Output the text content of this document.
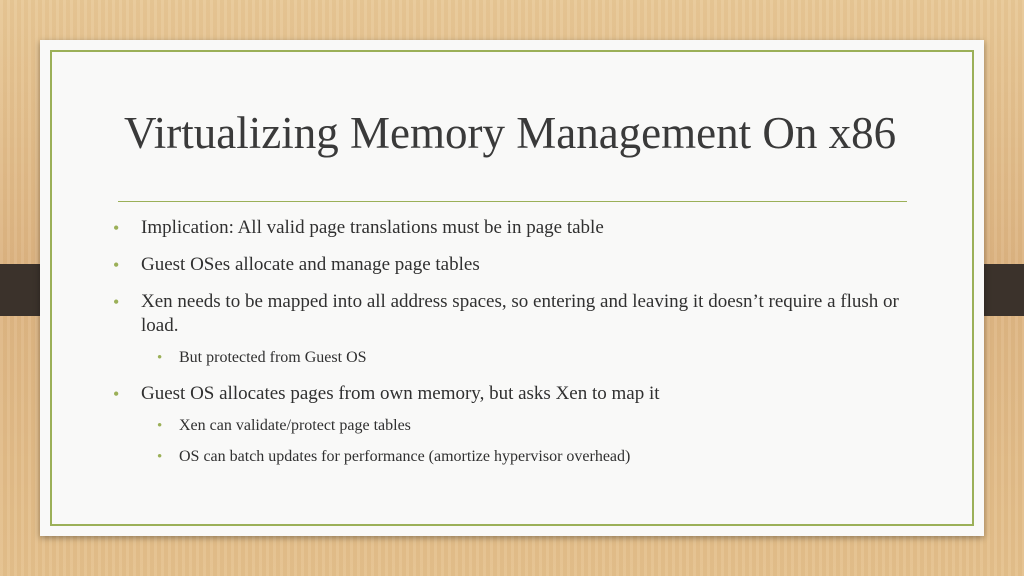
Virtualizing Memory Management On x86
• Implication: All valid page translations must be in page table
• Guest OSes allocate and manage page tables
• Xen needs to be mapped into all address spaces, so entering and leaving it doesn’t require a flush or load.
• But protected from Guest OS
• Guest OS allocates pages from own memory, but asks Xen to map it
• Xen can validate/protect page tables
• OS can batch updates for performance (amortize hypervisor overhead)
